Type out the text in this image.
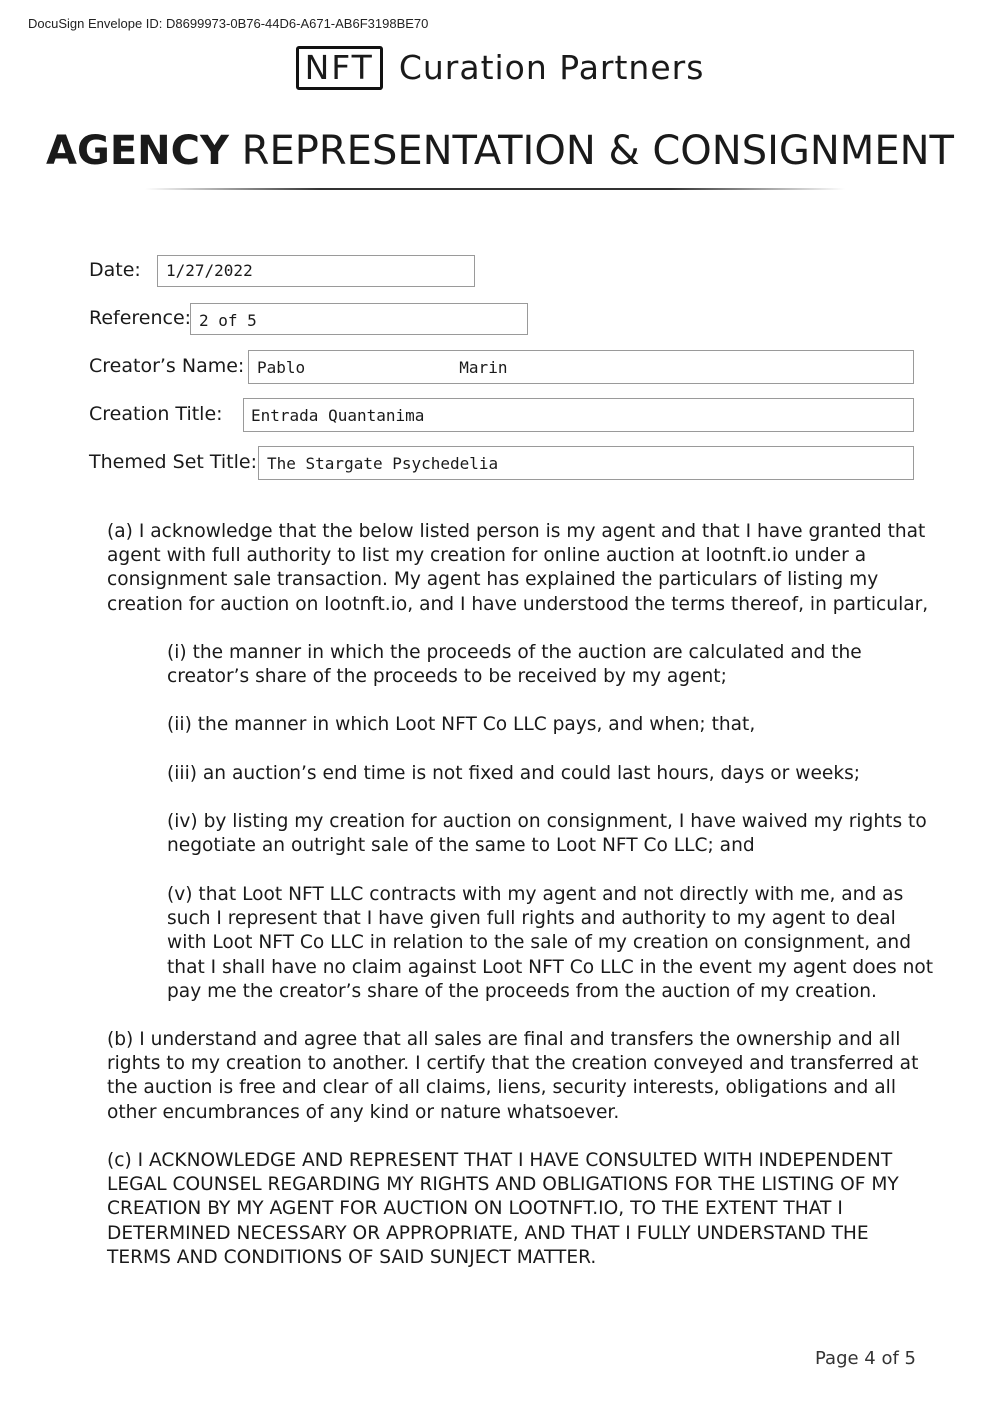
DocuSign Envelope ID: D8699973-0B76-44D6-A671-AB6F3198BE70
NFT Curation Partners
AGENCY REPRESENTATION & CONSIGNMENT
Date:	1/27/2022
Reference: 2 of 5
Creator’s Name: Pablo                Marin
Creation Title:	Entrada Quantanima
Themed Set Title: The Stargate Psychedelia
(a) I acknowledge that the below listed person is my agent and that I have granted that agent with full authority to list my creation for online auction at lootnft.io under a consignment sale transaction. My agent has explained the particulars of listing my creation for auction on lootnft.io, and I have understood the terms thereof, in particular,
(i) the manner in which the proceeds of the auction are calculated and the creator’s share of the proceeds to be received by my agent;
(ii) the manner in which Loot NFT Co LLC pays, and when; that,
(iii) an auction’s end time is not fixed and could last hours, days or weeks;
(iv) by listing my creation for auction on consignment, I have waived my rights to negotiate an outright sale of the same to Loot NFT Co LLC; and
(v) that Loot NFT LLC contracts with my agent and not directly with me, and as such I represent that I have given full rights and authority to my agent to deal with Loot NFT Co LLC in relation to the sale of my creation on consignment, and that I shall have no claim against Loot NFT Co LLC in the event my agent does not pay me the creator’s share of the proceeds from the auction of my creation.
(b) I understand and agree that all sales are final and transfers the ownership and all rights to my creation to another. I certify that the creation conveyed and transferred at the auction is free and clear of all claims, liens, security interests, obligations and all other encumbrances of any kind or nature whatsoever.
(c) I ACKNOWLEDGE AND REPRESENT THAT I HAVE CONSULTED WITH INDEPENDENT LEGAL COUNSEL REGARDING MY RIGHTS AND OBLIGATIONS FOR THE LISTING OF MY CREATION BY MY AGENT FOR AUCTION ON LOOTNFT.IO, TO THE EXTENT THAT I DETERMINED NECESSARY OR APPROPRIATE, AND THAT I FULLY UNDERSTAND THE TERMS AND CONDITIONS OF SAID SUNJECT MATTER.
Page 4 of 5
